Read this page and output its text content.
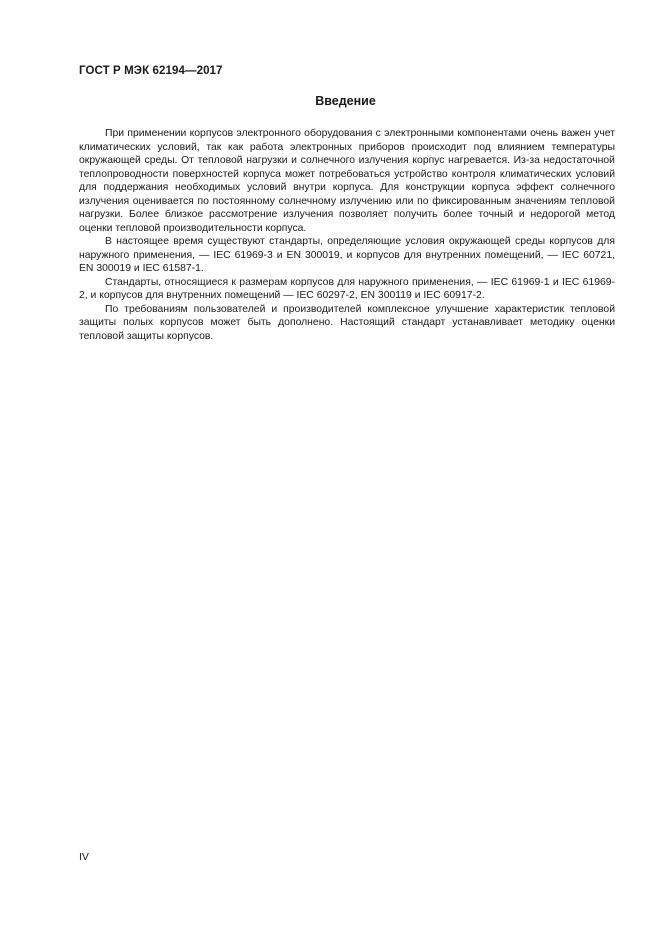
ГОСТ Р МЭК 62194—2017
Введение

При применении корпусов электронного оборудования с электронными компонентами очень важен учет климатических условий, так как работа электронных приборов происходит под влиянием температуры окружающей среды. От тепловой нагрузки и солнечного излучения корпус нагревается. Из-за недостаточной теплопроводности поверхностей корпуса может потребоваться устройство контроля климатических условий для поддержания необходимых условий внутри корпуса. Для конструкции корпуса эффект солнечного излучения оценивается по постоянному солнечному излучению или по фиксированным значениям тепловой нагрузки. Более близкое рассмотрение излучения позволяет получить более точный и недорогой метод оценки тепловой производительности корпуса.

В настоящее время существуют стандарты, определяющие условия окружающей среды корпусов для наружного применения, — IEC 61969-3 и EN 300019, и корпусов для внутренних помещений, — IEC 60721, EN 300019 и IEC 61587-1.

Стандарты, относящиеся к размерам корпусов для наружного применения, — IEC 61969-1 и IEC 61969-2, и корпусов для внутренних помещений — IEC 60297-2, EN 300119 и IEC 60917-2.

По требованиям пользователей и производителей комплексное улучшение характеристик тепловой защиты полых корпусов может быть дополнено. Настоящий стандарт устанавливает методику оценки тепловой защиты корпусов.

IV
